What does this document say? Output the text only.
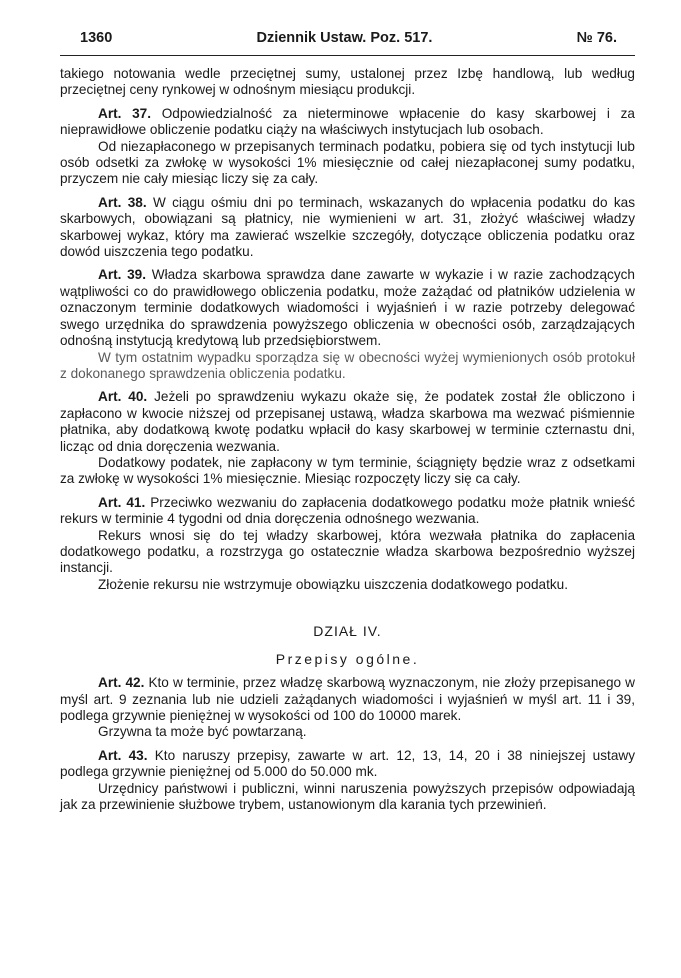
1360	Dziennik Ustaw. Poz. 517.	№ 76.

takiego notowania wedle przeciętnej sumy, ustalonej przez Izbę handlową, lub według przeciętnej ceny rynkowej w odnośnym miesiącu produkcji.

Art. 37. Odpowiedzialność za nieterminowe wpłacenie do kasy skarbowej i za nieprawidłowe obliczenie podatku ciąży na właściwych instytucjach lub osobach.

Od niezapłaconego w przepisanych terminach podatku, pobiera się od tych instytucji lub osób odsetki za zwłokę w wysokości 1% miesięcznie od całej niezapłaconej sumy podatku, przyczem nie cały miesiąc liczy się za cały.

Art. 38. W ciągu ośmiu dni po terminach, wskazanych do wpłacenia podatku do kas skarbowych, obowiązani są płatnicy, nie wymienieni w art. 31, złożyć właściwej władzy skarbowej wykaz, który ma zawierać wszelkie szczegóły, dotyczące obliczenia podatku oraz dowód uiszczenia tego podatku.

Art. 39. Władza skarbowa sprawdza dane zawarte w wykazie i w razie zachodzących wątpliwości co do prawidłowego obliczenia podatku, może zażądać od płatników udzielenia w oznaczonym terminie dodatkowych wiadomości i wyjaśnień i w razie potrzeby delegować swego urzędnika do sprawdzenia powyższego obliczenia w obecności osób, zarządzających odnośną instytucją kredytową lub przedsiębiorstwem.

W tym ostatnim wypadku sporządza się w obecności wyżej wymienionych osób protokuł z dokonanego sprawdzenia obliczenia podatku.

Art. 40. Jeżeli po sprawdzeniu wykazu okaże się, że podatek został źle obliczono i zapłacono w kwocie niższej od przepisanej ustawą, władza skarbowa ma wezwać piśmiennie płatnika, aby dodatkową kwotę podatku wpłacił do kasy skarbowej w terminie czternastu dni, licząc od dnia doręczenia wezwania.

Dodatkowy podatek, nie zapłacony w tym terminie, ściągnięty będzie wraz z odsetkami za zwłokę w wysokości 1% miesięcznie. Miesiąc rozpoczęty liczy się ca cały.

Art. 41. Przeciwko wezwaniu do zapłacenia dodatkowego podatku może płatnik wnieść rekurs w terminie 4 tygodni od dnia doręczenia odnośnego wezwania.

Rekurs wnosi się do tej władzy skarbowej, która wezwała płatnika do zapłacenia dodatkowego podatku, a rozstrzyga go ostatecznie władza skarbowa bezpośrednio wyższej instancji.

Złożenie rekursu nie wstrzymuje obowiązku uiszczenia dodatkowego podatku.

DZIAŁ IV.
Przepisy ogólne.

Art. 42. Kto w terminie, przez władzę skarbową wyznaczonym, nie złoży przepisanego w myśl art. 9 zeznania lub nie udzieli zażądanych wiadomości i wyjaśnień w myśl art. 11 i 39, podlega grzywnie pieniężnej w wysokości od 100 do 10000 marek.

Grzywna ta może być powtarzaną.

Art. 43. Kto naruszy przepisy, zawarte w art. 12, 13, 14, 20 i 38 niniejszej ustawy podlega grzywnie pieniężnej od 5.000 do 50.000 mk.

Urzędnicy państwowi i publiczni, winni naruszenia powyższych przepisów odpowiadają jak za przewinienie służbowe trybem, ustanowionym dla karania tych przewinień.
